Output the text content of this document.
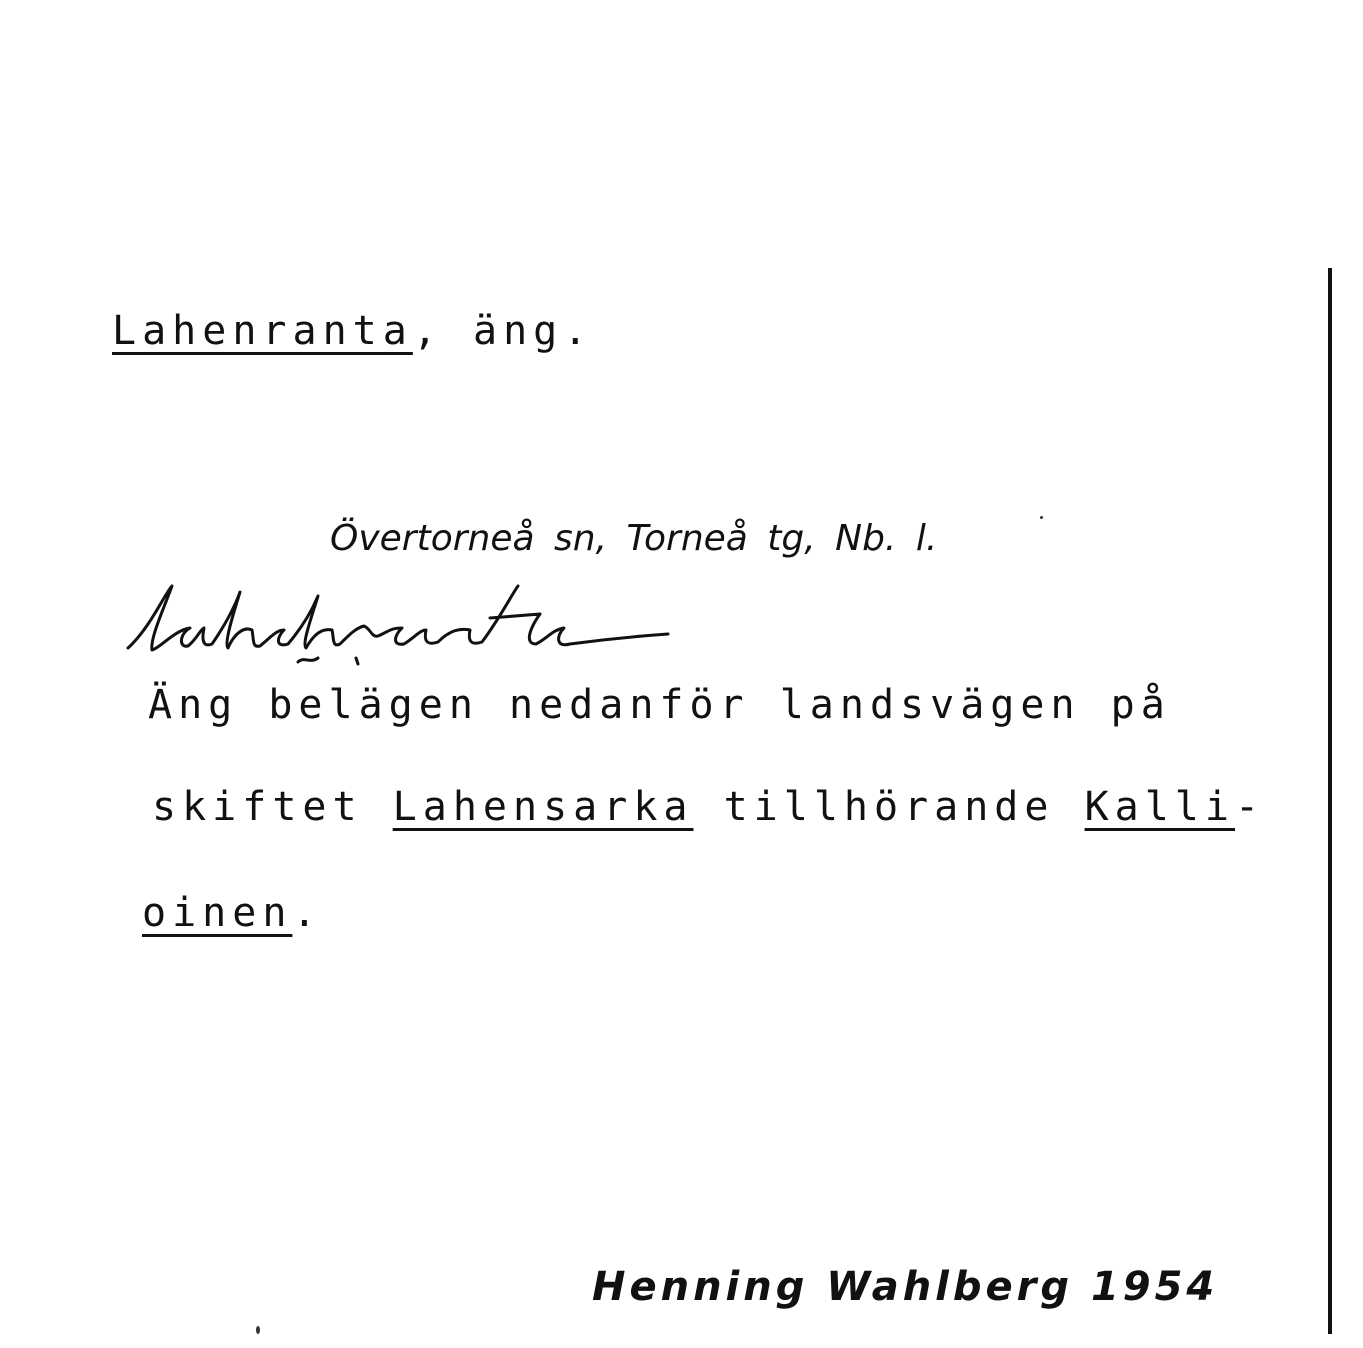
Lahenranta, äng.
Övertorneå sn, Torneå tg, Nb. l.
Äng belägen nedanför landsvägen på
skiftet Lahensarka tillhörande Kalli-
oinen.
Henning Wahlberg 1954
